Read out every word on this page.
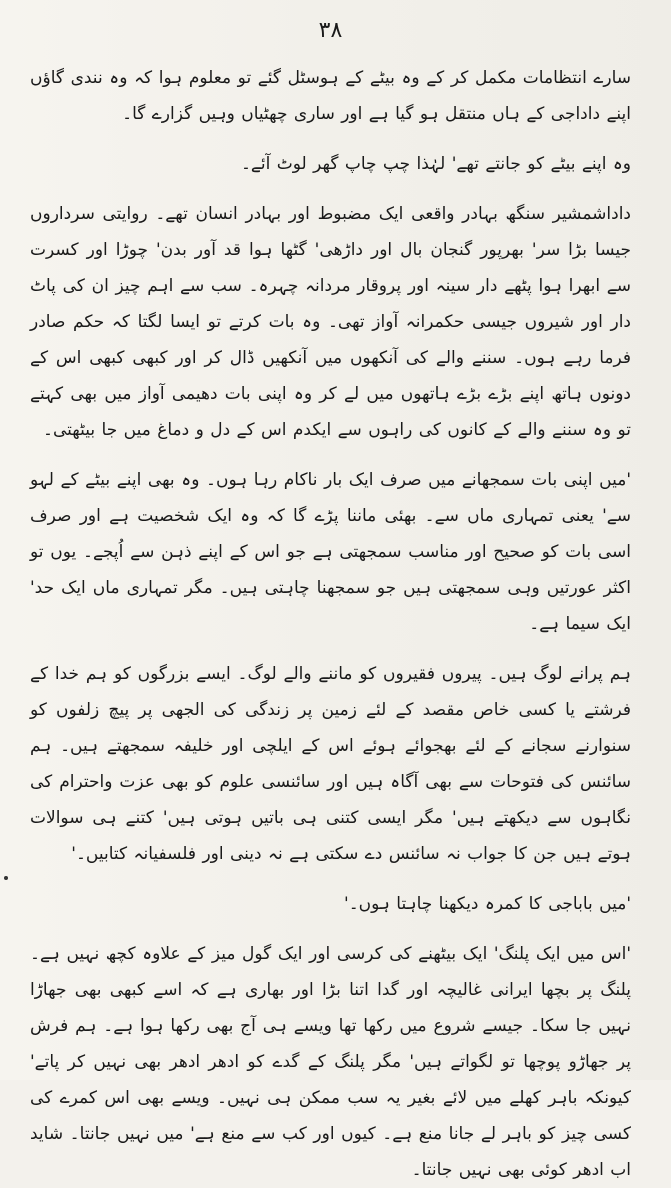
۳۸

سارے انتظامات مکمل کر کے وہ بیٹے کے ہوسٹل گئے تو معلوم ہوا کہ وہ نندی گاؤں اپنے داداجی کے ہاں منتقل ہو گیا ہے اور ساری چھٹیاں وہیں گزارے گا۔

وہ اپنے بیٹے کو جانتے تھے' لہٰذا چپ چاپ گھر لوٹ آئے۔

داداشمشیر سنگھ بہادر واقعی ایک مضبوط اور بہادر انسان تھے۔ روایتی سرداروں جیسا بڑا سر' بھرپور گنجان بال اور داڑھی' گٹھا ہوا قد آور بدن' چوڑا اور کسرت سے ابھرا ہوا پٹھے دار سینہ اور پروقار مردانہ چہرہ۔ سب سے اہم چیز ان کی پاٹ دار اور شیروں جیسی حکمرانہ آواز تھی۔ وہ بات کرتے تو ایسا لگتا کہ حکم صادر فرما رہے ہوں۔ سننے والے کی آنکھوں میں آنکھیں ڈال کر اور کبھی کبھی اس کے دونوں ہاتھ اپنے بڑے بڑے ہاتھوں میں لے کر وہ اپنی بات دھیمی آواز میں بھی کہتے تو وہ سننے والے کے کانوں کی راہوں سے ایکدم اس کے دل و دماغ میں جا بیٹھتی۔

'میں اپنی بات سمجھانے میں صرف ایک بار ناکام رہا ہوں۔ وہ بھی اپنے بیٹے کے لہو سے' یعنی تمہاری ماں سے۔ بھئی ماننا پڑے گا کہ وہ ایک شخصیت ہے اور صرف اسی بات کو صحیح اور مناسب سمجھتی ہے جو اس کے اپنے ذہن سے اُپجے۔ یوں تو اکثر عورتیں وہی سمجھتی ہیں جو سمجھنا چاہتی ہیں۔ مگر تمہاری ماں ایک حد' ایک سیما ہے۔

ہم پرانے لوگ ہیں۔ پیروں فقیروں کو ماننے والے لوگ۔ ایسے بزرگوں کو ہم خدا کے فرشتے یا کسی خاص مقصد کے لئے زمین پر زندگی کی الجھی پر پیچ زلفوں کو سنوارنے سجانے کے لئے بھجوائے ہوئے اس کے ایلچی اور خلیفہ سمجھتے ہیں۔ ہم سائنس کی فتوحات سے بھی آگاہ ہیں اور سائنسی علوم کو بھی عزت واحترام کی نگاہوں سے دیکھتے ہیں' مگر ایسی کتنی ہی باتیں ہوتی ہیں' کتنے ہی سوالات ہوتے ہیں جن کا جواب نہ سائنس دے سکتی ہے نہ دینی اور فلسفیانہ کتابیں۔'

'میں باباجی کا کمرہ دیکھنا چاہتا ہوں۔'

'اس میں ایک پلنگ' ایک بیٹھنے کی کرسی اور ایک گول میز کے علاوہ کچھ نہیں ہے۔ پلنگ پر بچھا ایرانی غالیچہ اور گدا اتنا بڑا اور بھاری ہے کہ اسے کبھی بھی جھاڑا نہیں جا سکا۔ جیسے شروع میں رکھا تھا ویسے ہی آج بھی رکھا ہوا ہے۔ ہم فرش پر جھاڑو پوچھا تو لگواتے ہیں' مگر پلنگ کے گدے کو ادھر ادھر بھی نہیں کر پاتے' کیونکہ باہر کھلے میں لائے بغیر یہ سب ممکن ہی نہیں۔ ویسے بھی اس کمرے کی کسی چیز کو باہر لے جانا منع ہے۔ کیوں اور کب سے منع ہے' میں نہیں جانتا۔ شاید اب ادھر کوئی بھی نہیں جانتا۔
